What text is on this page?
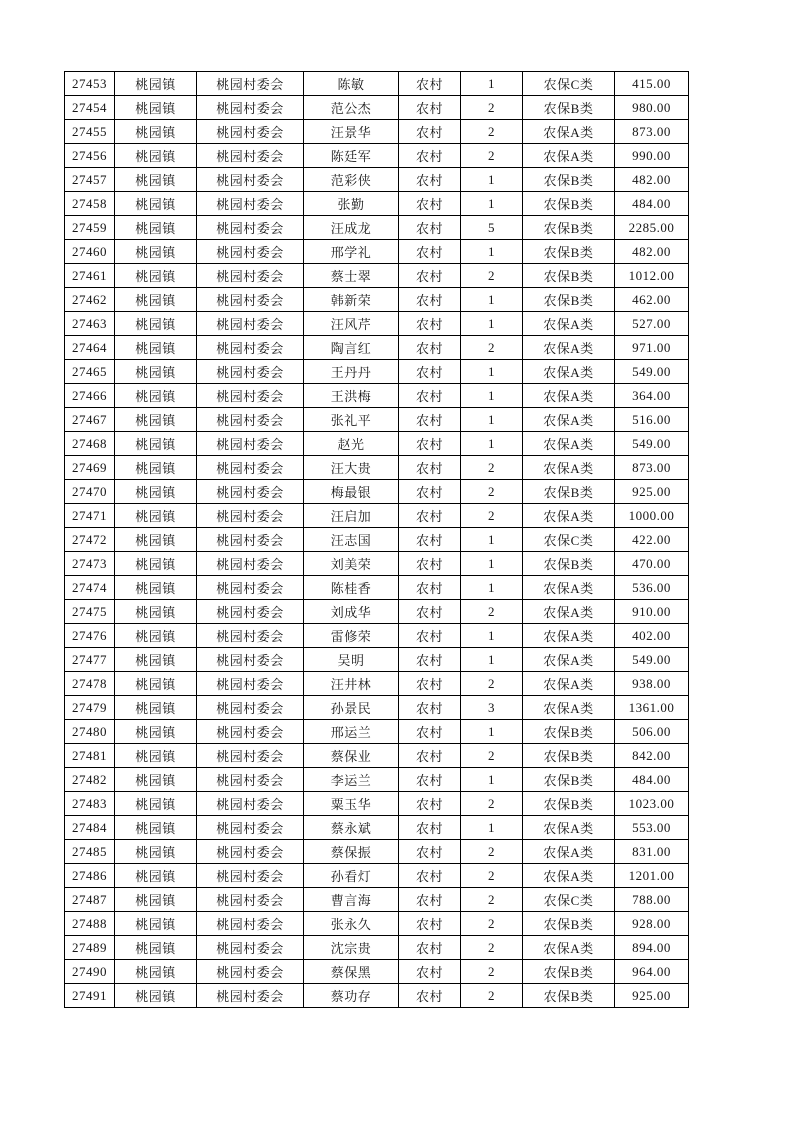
27453	桃园镇	桃园村委会	陈敏	农村	1	农保C类	415.00
27454	桃园镇	桃园村委会	范公杰	农村	2	农保B类	980.00
27455	桃园镇	桃园村委会	汪景华	农村	2	农保A类	873.00
27456	桃园镇	桃园村委会	陈廷军	农村	2	农保A类	990.00
27457	桃园镇	桃园村委会	范彩侠	农村	1	农保B类	482.00
27458	桃园镇	桃园村委会	张勤	农村	1	农保B类	484.00
27459	桃园镇	桃园村委会	汪成龙	农村	5	农保B类	2285.00
27460	桃园镇	桃园村委会	邢学礼	农村	1	农保B类	482.00
27461	桃园镇	桃园村委会	蔡士翠	农村	2	农保B类	1012.00
27462	桃园镇	桃园村委会	韩新荣	农村	1	农保B类	462.00
27463	桃园镇	桃园村委会	汪风芹	农村	1	农保A类	527.00
27464	桃园镇	桃园村委会	陶言红	农村	2	农保A类	971.00
27465	桃园镇	桃园村委会	王丹丹	农村	1	农保A类	549.00
27466	桃园镇	桃园村委会	王洪梅	农村	1	农保A类	364.00
27467	桃园镇	桃园村委会	张礼平	农村	1	农保A类	516.00
27468	桃园镇	桃园村委会	赵光	农村	1	农保A类	549.00
27469	桃园镇	桃园村委会	汪大贵	农村	2	农保A类	873.00
27470	桃园镇	桃园村委会	梅最银	农村	2	农保B类	925.00
27471	桃园镇	桃园村委会	汪启加	农村	2	农保A类	1000.00
27472	桃园镇	桃园村委会	汪志国	农村	1	农保C类	422.00
27473	桃园镇	桃园村委会	刘美荣	农村	1	农保B类	470.00
27474	桃园镇	桃园村委会	陈桂香	农村	1	农保A类	536.00
27475	桃园镇	桃园村委会	刘成华	农村	2	农保A类	910.00
27476	桃园镇	桃园村委会	雷修荣	农村	1	农保A类	402.00
27477	桃园镇	桃园村委会	吴明	农村	1	农保A类	549.00
27478	桃园镇	桃园村委会	汪井林	农村	2	农保A类	938.00
27479	桃园镇	桃园村委会	孙景民	农村	3	农保A类	1361.00
27480	桃园镇	桃园村委会	邢运兰	农村	1	农保B类	506.00
27481	桃园镇	桃园村委会	蔡保业	农村	2	农保B类	842.00
27482	桃园镇	桃园村委会	李运兰	农村	1	农保B类	484.00
27483	桃园镇	桃园村委会	粟玉华	农村	2	农保B类	1023.00
27484	桃园镇	桃园村委会	蔡永斌	农村	1	农保A类	553.00
27485	桃园镇	桃园村委会	蔡保振	农村	2	农保A类	831.00
27486	桃园镇	桃园村委会	孙看灯	农村	2	农保A类	1201.00
27487	桃园镇	桃园村委会	曹言海	农村	2	农保C类	788.00
27488	桃园镇	桃园村委会	张永久	农村	2	农保B类	928.00
27489	桃园镇	桃园村委会	沈宗贵	农村	2	农保A类	894.00
27490	桃园镇	桃园村委会	蔡保黑	农村	2	农保B类	964.00
27491	桃园镇	桃园村委会	蔡功存	农村	2	农保B类	925.00
